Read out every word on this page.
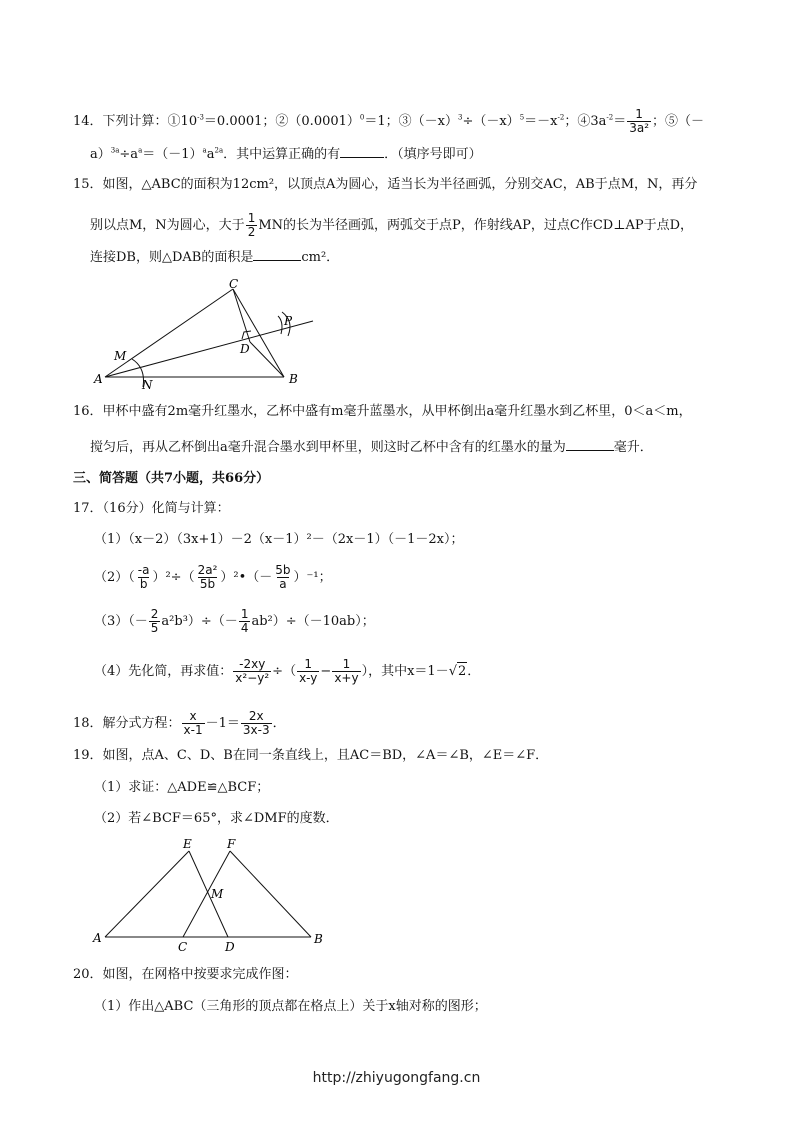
14．下列计算：$①10^{-3}=0.0001$；$②(0.0001)^0=1$；$③(-x)^3\div(-x)^5=-x^{-2}$；$④3a^{-2}= \frac{1}{\text{3a²}}$ ；⑤（－
$a)^{3a}\div a^a=(-1)^aa^{2a}$．其中运算正确的有	．（填序号即可）
15．如图，△ABC的面积为12cm²，以顶点A为圆心，适当长为半径画弧，分别交AC，AB于点M，N，再分
别以点M，N为圆心，大于 $\frac{1}{2}$ MN的长为半径画弧，两弧交于点P，作射线AP，过点C作CD⊥AP于点D，
连接DB，则△DAB的面积是	cm²．
C
P
D
M
A	N	B
16．甲杯中盛有2m毫升红墨水，乙杯中盛有m毫升蓝墨水，从甲杯倒出a毫升红墨水到乙杯里，0＜a＜m，
搅匀后，再从乙杯倒出a毫升混合墨水到甲杯里，则这时乙杯中含有的红墨水的量为	毫升．
三、简答题（共7小题，共66分）
17．（16分）化简与计算：
（1）（x－2）（3x+1）－2（x－1）²－（2x－1）（－1－2x）；
$(2)( \frac{-a}{b} )^2\div( \frac{\text{2a²}}{5b}$ ）²•（－ $\frac{5b}{a} )^{-1}$；
$(3)(- \frac{2}{5} a^2b^3)\div(- \frac{1}{4} ab^2)\div(-10ab)$；
（4）先化简，再求值： $\frac{-2xy}{\text{x²−y²}}$ ÷（ $\frac{1}{x-y} - \frac{1}{x+y}$ ），其中x＝1－√2．
18．解分式方程： $\frac{x}{x-1} -1= \frac{2x}{3x-3}$ ．
19．如图，点A、C、D、B在同一条直线上，且AC＝BD，∠A＝∠B，∠E＝∠F．
（1）求证：△ADE≌△BCF；
（2）若∠BCF＝65°，求∠DMF的度数．
E	F
M
A
C	D
B
20．如图，在网格中按要求完成作图：
（1）作出△ABC（三角形的顶点都在格点上）关于x轴对称的图形；
http://zhiyugongfang.cn
